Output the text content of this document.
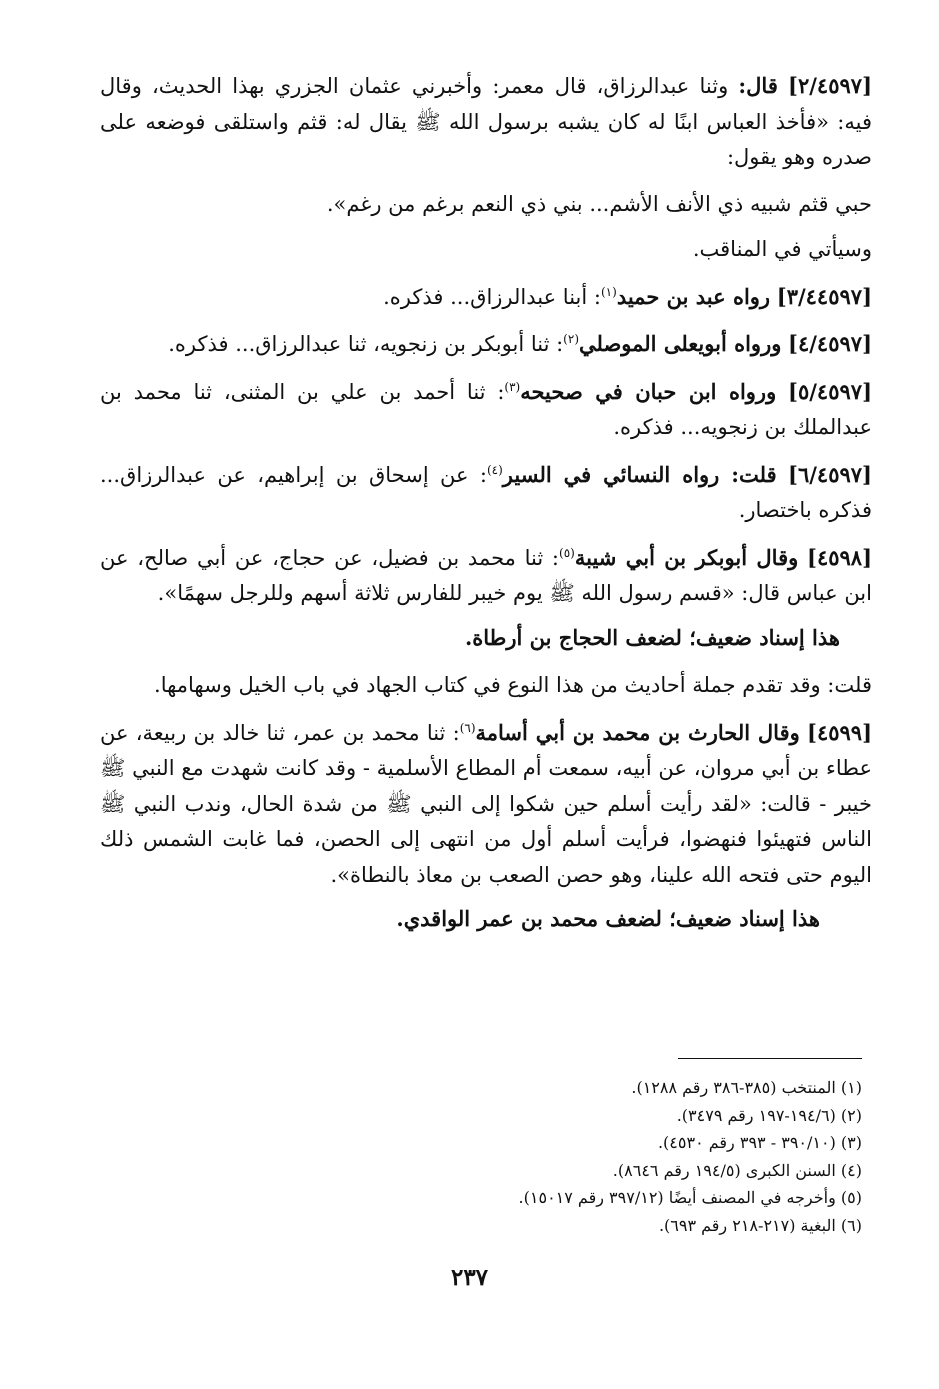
[٢/٤٥٩٧] قال: وثنا عبدالرزاق، قال معمر: وأخبرني عثمان الجزري بهذا الحديث، وقال فيه: «فأخذ العباس ابنًا له كان يشبه برسول الله ﷺ يقال له: قثم واستلقى فوضعه على صدره وهو يقول:

حبي قثم شبيه ذي الأنف الأشم... بني ذي النعم برغم من رغم».

وسيأتي في المناقب.

[٣/٤٤٥٩٧] رواه عبد بن حميد$^{(١)}$: أبنا عبدالرزاق... فذكره.

[٤/٤٥٩٧] ورواه أبويعلى الموصلي$^{(٢)}$: ثنا أبوبكر بن زنجويه، ثنا عبدالرزاق... فذكره.

[٥/٤٥٩٧] ورواه ابن حبان في صحيحه$^{(٣)}$: ثنا أحمد بن علي بن المثنى، ثنا محمد بن عبدالملك بن زنجويه... فذكره.

[٦/٤٥٩٧] قلت: رواه النسائي في السير$^{(٤)}$: عن إسحاق بن إبراهيم، عن عبدالرزاق... فذكره باختصار.

[٤٥٩٨] وقال أبوبكر بن أبي شيبة$^{(٥)}$: ثنا محمد بن فضيل، عن حجاج، عن أبي صالح، عن ابن عباس قال: «قسم رسول الله ﷺ يوم خيبر للفارس ثلاثة أسهم وللرجل سهمًا».

هذا إسناد ضعيف؛ لضعف الحجاج بن أرطاة.

قلت: وقد تقدم جملة أحاديث من هذا النوع في كتاب الجهاد في باب الخيل وسهامها.

[٤٥٩٩] وقال الحارث بن محمد بن أبي أسامة$^{(٦)}$: ثنا محمد بن عمر، ثنا خالد بن ربيعة، عن عطاء بن أبي مروان، عن أبيه، سمعت أم المطاع الأسلمية - وقد كانت شهدت مع النبي ﷺ خيبر - قالت: «لقد رأيت أسلم حين شكوا إلى النبي ﷺ من شدة الحال، وندب النبي ﷺ الناس فتهيئوا فنهضوا، فرأيت أسلم أول من انتهى إلى الحصن، فما غابت الشمس ذلك اليوم حتى فتحه الله علينا، وهو حصن الصعب بن معاذ بالنطاة».

هذا إسناد ضعيف؛ لضعف محمد بن عمر الواقدي.

(١) المنتخب (٣٨٥-٣٨٦ رقم ١٢٨٨).

(٢) (١٩٤/٦-١٩٧ رقم ٣٤٧٩).

(٣) (٣٩٠/١٠ - ٣٩٣ رقم ٤٥٣٠).

(٤) السنن الكبرى (١٩٤/٥ رقم ٨٦٤٦).

(٥) وأخرجه في المصنف أيضًا (٣٩٧/١٢ رقم ١٥٠١٧).

(٦) البغية (٢١٧-٢١٨ رقم ٦٩٣).

٢٣٧
